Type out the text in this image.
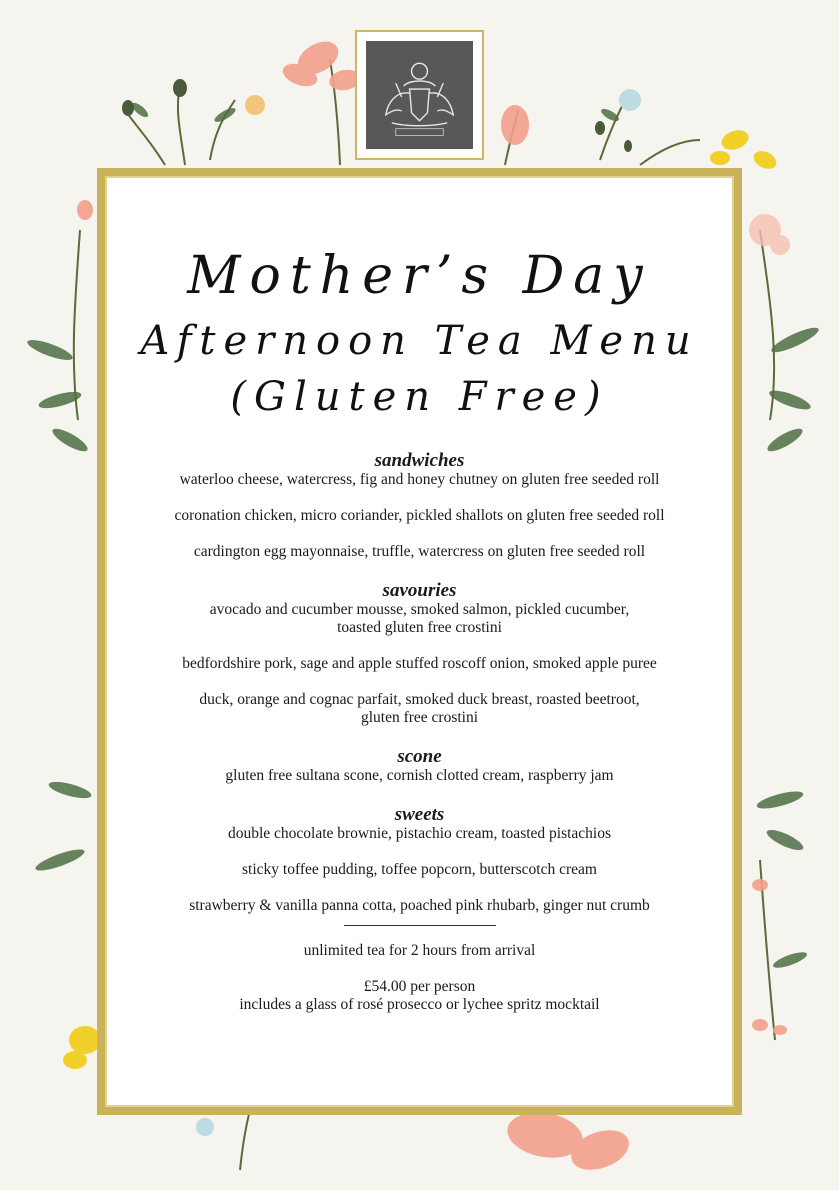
Mother’s Day
Afternoon Tea Menu
(Gluten Free)
sandwiches

waterloo cheese, watercress, fig and honey chutney on gluten free seeded roll

coronation chicken, micro coriander, pickled shallots on gluten free seeded roll

cardington egg mayonnaise, truffle, watercress on gluten free seeded roll

savouries

avocado and cucumber mousse, smoked salmon, pickled cucumber,
toasted gluten free crostini

bedfordshire pork, sage and apple stuffed roscoff onion, smoked apple puree

duck, orange and cognac parfait, smoked duck breast, roasted beetroot,
gluten free crostini

scone

gluten free sultana scone, cornish clotted cream, raspberry jam

sweets

double chocolate brownie, pistachio cream, toasted pistachios

sticky toffee pudding, toffee popcorn, butterscotch cream

strawberry & vanilla panna cotta, poached pink rhubarb, ginger nut crumb

unlimited tea for 2 hours from arrival

£54.00 per person
includes a glass of rosé prosecco or lychee spritz mocktail
